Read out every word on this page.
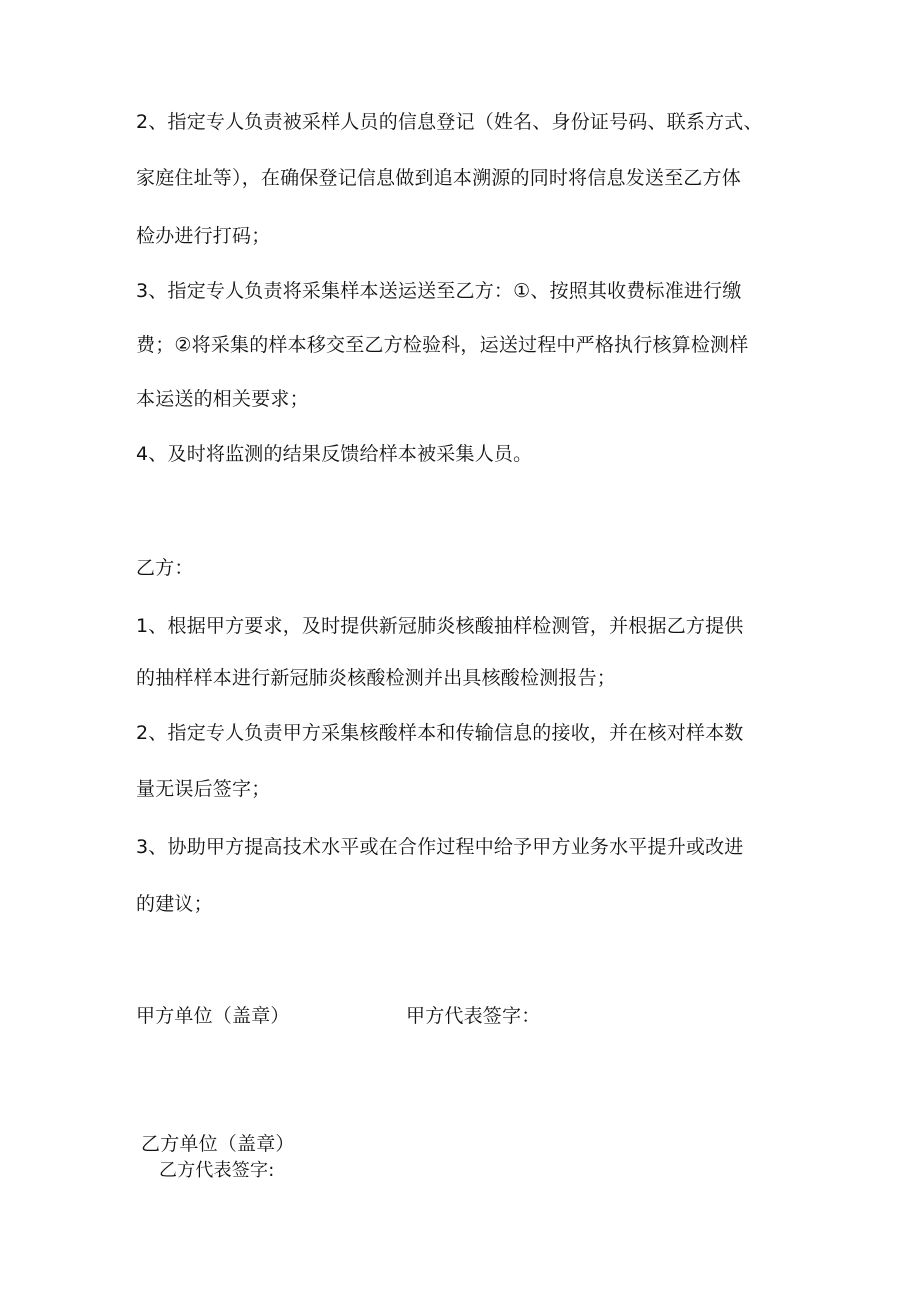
2、指定专人负责被采样人员的信息登记（姓名、身份证号码、联系方式、
家庭住址等），在确保登记信息做到追本溯源的同时将信息发送至乙方体
检办进行打码；
3、指定专人负责将采集样本送运送至乙方：①、按照其收费标准进行缴
费；②将采集的样本移交至乙方检验科，运送过程中严格执行核算检测样
本运送的相关要求；
4、及时将监测的结果反馈给样本被采集人员。
乙方：
1、根据甲方要求，及时提供新冠肺炎核酸抽样检测管，并根据乙方提供
的抽样样本进行新冠肺炎核酸检测并出具核酸检测报告；
2、指定专人负责甲方采集核酸样本和传输信息的接收，并在核对样本数
量无误后签字；
3、协助甲方提高技术水平或在合作过程中给予甲方业务水平提升或改进
的建议；
甲方单位（盖章）	甲方代表签字：
乙方单位（盖章）
乙方代表签字:
